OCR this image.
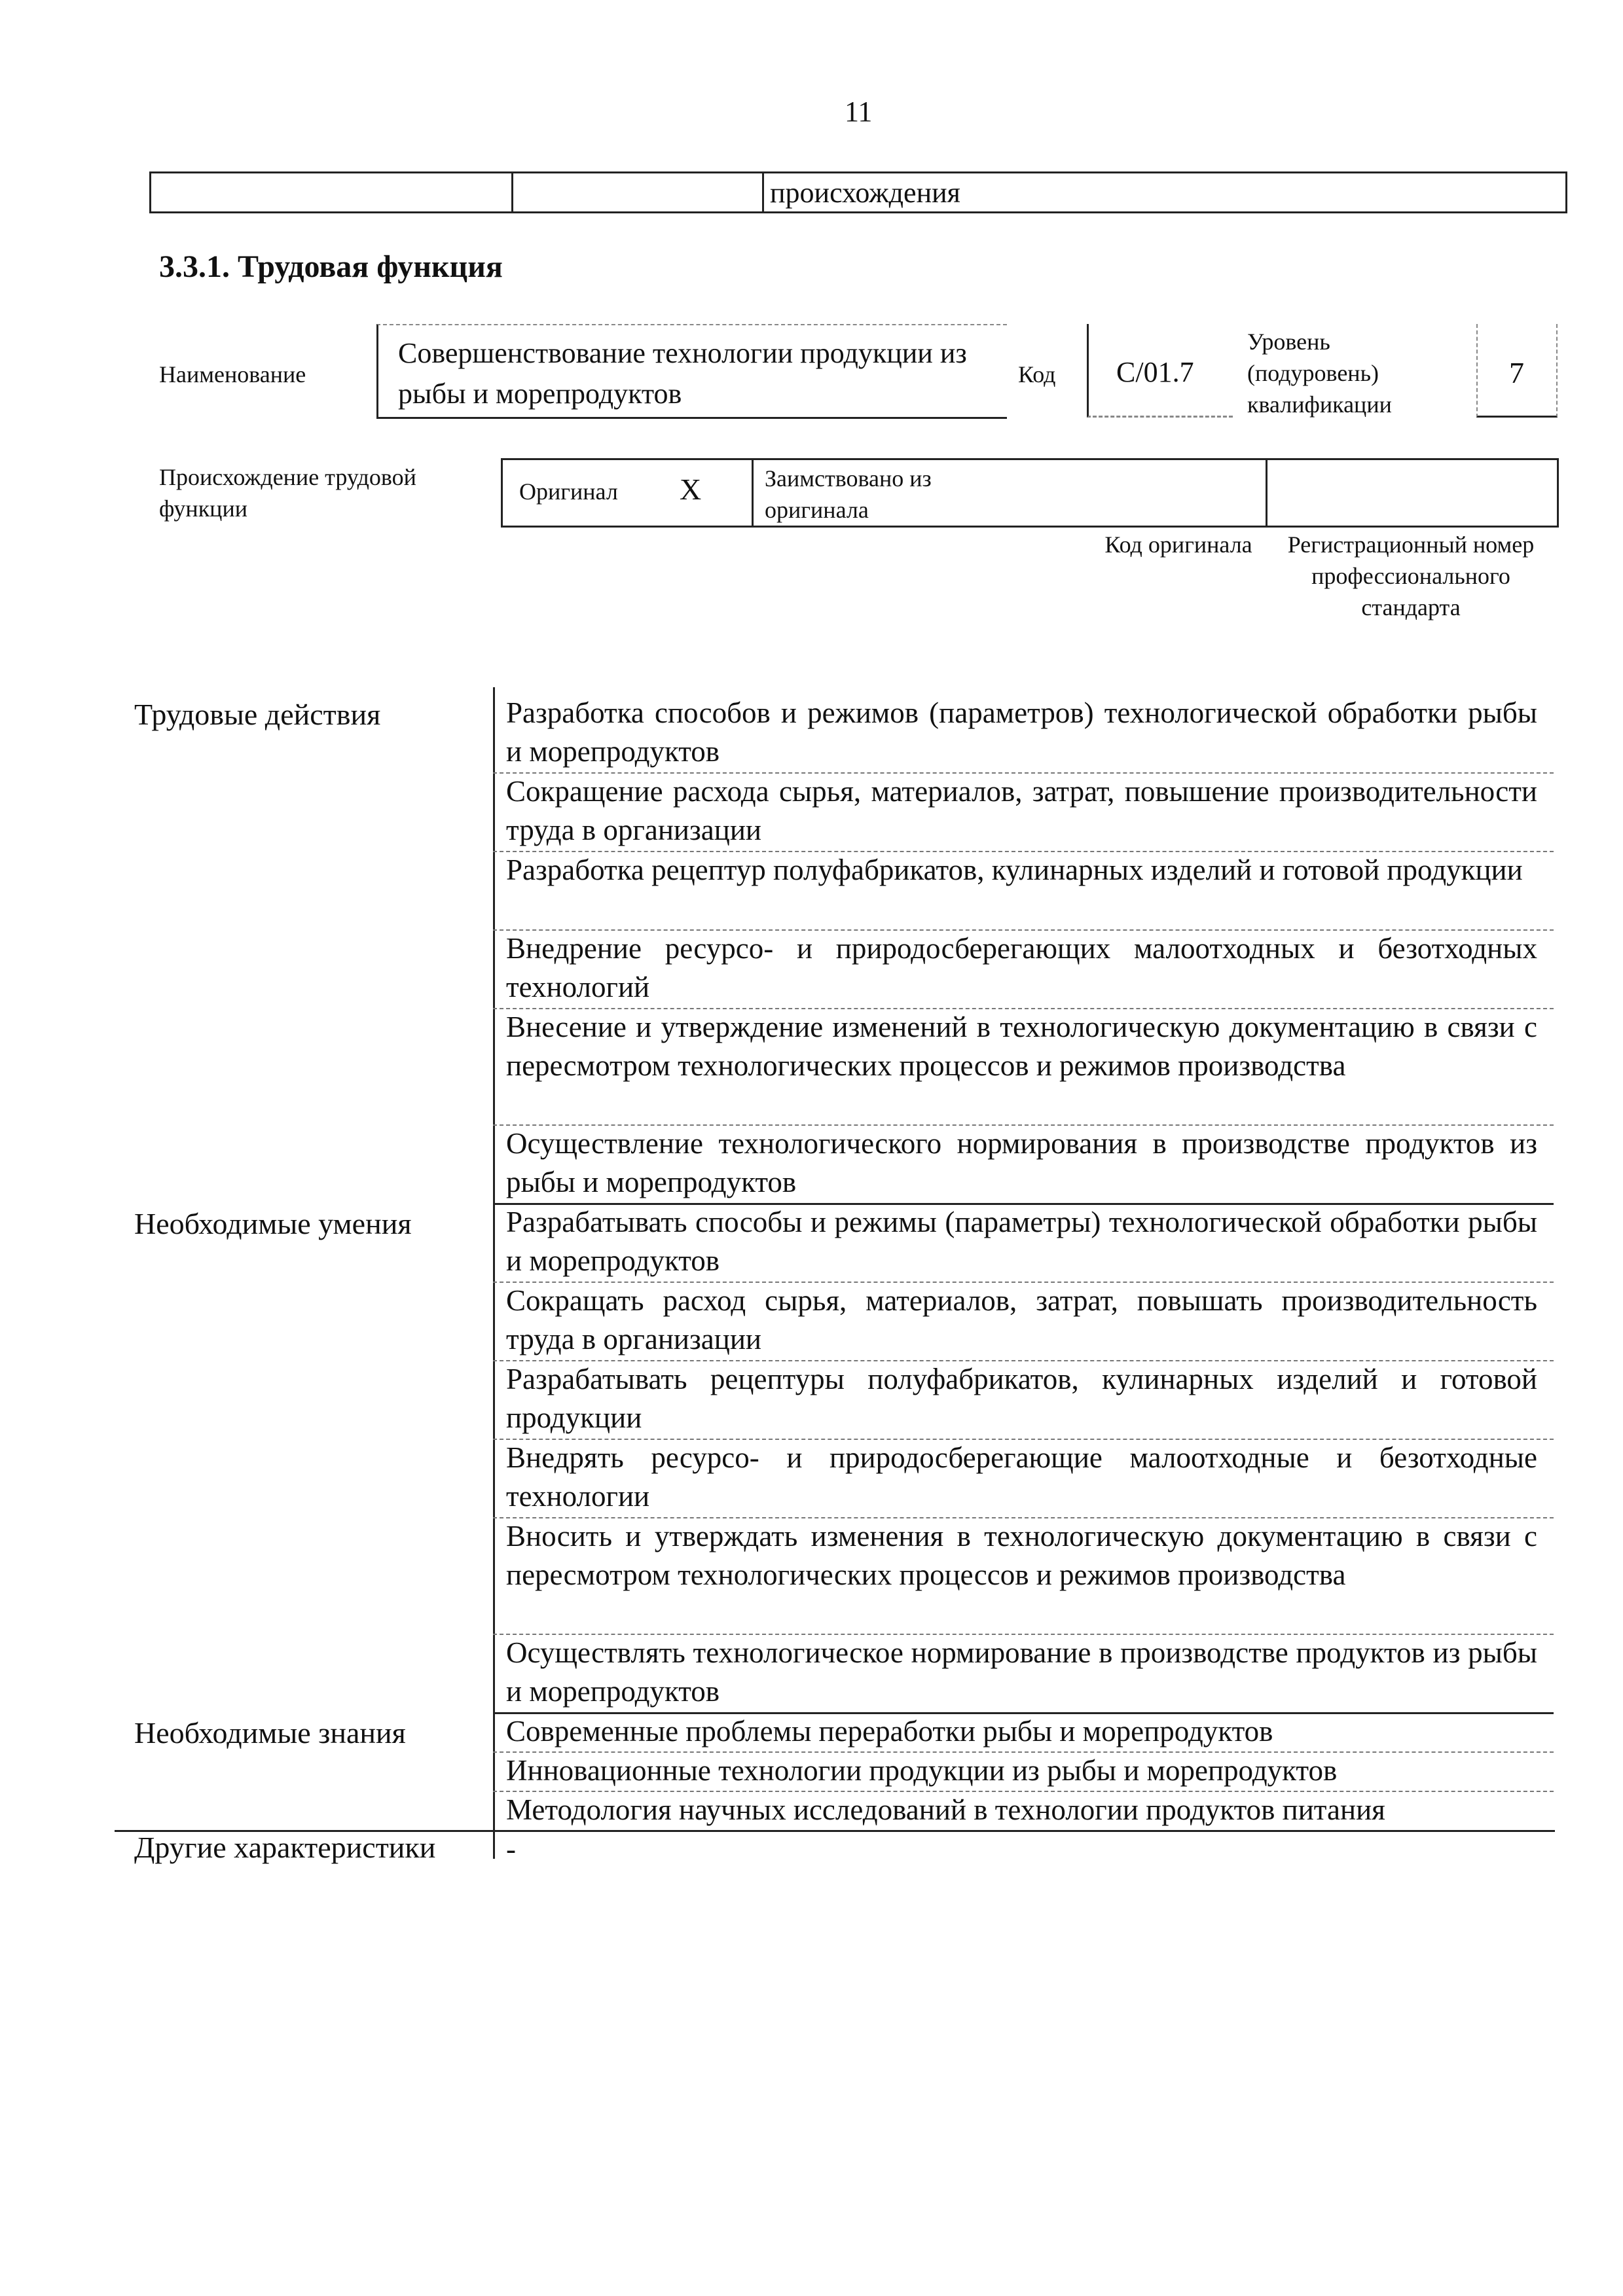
11
происхождения
3.3.1. Трудовая функция
Наименование
Совершенствование технологии продукции из рыбы и морепродуктов
Код C/01.7
Уровень (подуровень) квалификации
7
Происхождение трудовой функции
Оригинал X	Заимствовано из оригинала
Код оригинала	Регистрационный номер профессионального стандарта
Трудовые действия	Разработка способов и режимов (параметров) технологической обработки рыбы и морепродуктов
Сокращение расхода сырья, материалов, затрат, повышение производительности труда в организации
Разработка рецептур полуфабрикатов, кулинарных изделий и готовой продукции
Внедрение ресурсо- и природосберегающих малоотходных и безотходных технологий
Внесение и утверждение изменений в технологическую документацию в связи с пересмотром технологических процессов и режимов производства
Осуществление технологического нормирования в производстве продуктов из рыбы и морепродуктов
Необходимые умения	Разрабатывать способы и режимы (параметры) технологической обработки рыбы и морепродуктов
Сокращать расход сырья, материалов, затрат, повышать производительность труда в организации
Разрабатывать рецептуры полуфабрикатов, кулинарных изделий и готовой продукции
Внедрять ресурсо- и природосберегающие малоотходные и безотходные технологии
Вносить и утверждать изменения в технологическую документацию в связи с пересмотром технологических процессов и режимов производства
Осуществлять технологическое нормирование в производстве продуктов из рыбы и морепродуктов
Необходимые знания	Современные проблемы переработки рыбы и морепродуктов
Инновационные технологии продукции из рыбы и морепродуктов
Методология научных исследований в технологии продуктов питания
Другие характеристики -
